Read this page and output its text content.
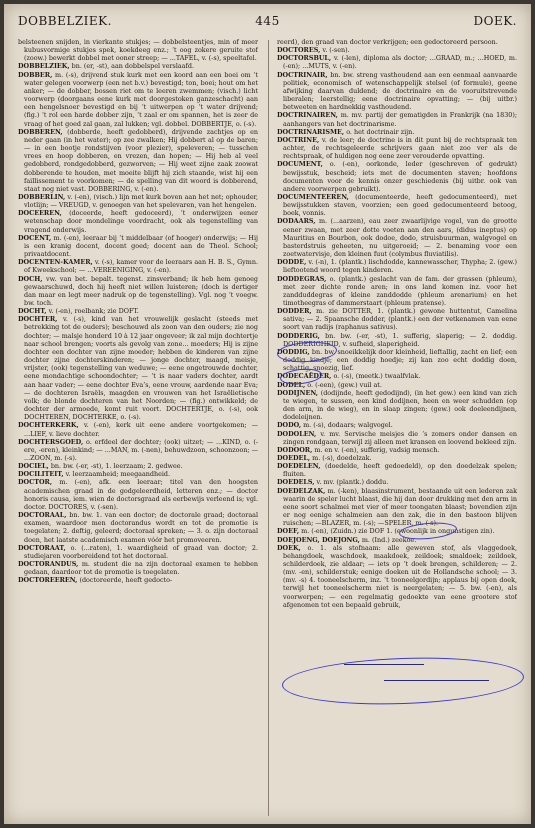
DOBBELZIEK.	445	DOEK.

belsteenen snijden, in vierkante stukjes; — dobbelsteentjes, min of meer kubusvormige stukjes spek, koekdeeg enz.; ‘t oog zokere geruite stof (zoow.) bewerkt dobbel met ooner streep; — ...TAFEL, v. (-s), speeltafel.

DOBBELZIEK, bn. (er, -st), aan dobbelspel verslaafd.

DOBBER, m. (-s), drijvend stuk kurk met een koord aan een boei om ‘t water gelegen voorwerp (een net b.v.) bevestigd; ton, boei; hout om het anker; — de dobber, bossen riet om te leeren zwemmen; (visch.) licht voorwerp (doorgaans eene kurk met doorgestoken ganzeschacht) aan een hengelsnoer bevestigd en bij ‘t uitwerpen op ‘t water drijvend; (fig.) ‘t rol een harde dobber zijn, ‘t zaal er om spannen, het is zeer de vraag of het goed zal gaan, zal lukken; vgl. dobbel. DOBBERTJE, o. (-s).

DOBBEREN, (dobberde, heeft gedobberd), drijvende zachtjes op en neder gaan (in het water); op zee zwalken; Hij dobbert al op de baren; — in een bootje rondstijven (voor plezier), speleveren; — tusschen vrees en hoop dobberen, en vrezen, dan hopen; — Hij heb al veel gedobberd, rondgedobberd, gezworven; — Hij weet zijne zaak zoowat dobberende te houden, met moeite blijft hij zich staande, wist hij een faillissement te voorkomen; — de spelling van dit woord is dobberend, staat nog niet vast. DOBBERING, v. (-en).

DOBBERLIN, v. (-en), (visch.) lijn met kurk boven aan het net; ophouder, vlotlijn; — VREUGD, v. genoegen van het spelevaren, van het hengelen.

DOCEEREN, (doceerde, heeft gedoceerd), ‘t onderwijzen eener wetenschap door mondelinge voordracht, ook als tegenstelling van vragend onderwijs.

DOCENT, m. (-en), leeraar bij ‘t middelbaar (of hooger) onderwijs; — Hij is een kranig docent, docent goed; docent aan de Theol. School; privaatdocent.

DOCENTEN-KAMER, v. (-s), kamer voor de leeraars aan H. B. S., Gymn. of Kweekschool; — ...VEREENIGING, v. (-en).

DOCH, vw. van bet. bepalt. tegenst. zinsverband; ik heb hem genoeg gewaarschuwd, doch hij heeft niet willen luisteren; (doch is dertiger dan maar en legt meer nadruk op de tegenstelling). Vgl. nog ‘t voegw. bw. toch.

DOCHT, v. (-en), roelbank; zie DOFT.

DOCHTER, v. (-s), kind van het vrouwelijk geslacht (steeds met betrekking tot de ouders); beschouwd als zoon van den ouders; zie nog dochter; — malsje honderd 10 à 12 jaar ongeveer; ik zal mijn dochtertje naar school brengen; voorts als gevolg van zone... moeders; Hij is zijne dochter een dochter van zijne moeder; hebben de kinderen van zijne dochter zijne dochterskinderen; — jonge dochter, maagd, meisje, vrijster, (ook) tegenstelling van weduwe; — eene ongetrouwde dochter, eene mondachtige schoondochter; — ‘t is naar vaders dochter, aardt aan haar vader; — eene dochter Eva’s, eene vrouw, aardende naar Eva; — de dochteren Israëls, maagden en vrouwen van het Israëlietische volk; de blonde dochteren van het Noorden; — (fig.) ontwikkeld; de dochter der armoede, komt ruit voort. DOCHTERTJE, o. (-s), ook DOCHTEREN, DOCHTERKE, o. (-s).

DOCHTERKERK, v. (-en), kerk uit eene andere voortgekomen; — ...LIEF, v. lieve dochter.

DOCHTERSGOED, o. erfdeel der dochter; (ook) uitzet; — ...KIND, o. (-ere, -eren), kleinkind; — ...MAN, m. (-nen), behuwdzoon, schoonzoon; — ...ZOON, m. (-s).

DOCIEL, bn. bw. (-er, -st), 1. leerzaam; 2. gedwee.

DOCILITEIT, v. leerzaamheid; meegaandheid.

DOCTOR, m. (-en), afk. een leeraar; titel van den hoogsten academischen graad in de godgeleerdheid, letteren enz.; — doctor honoris causa, iem. wien de doctorsgraad als eerbewijs verleend is; vgl. doctor. DOCTORES, v. (-sen).

DOCTORAAL, bn. bw. 1. van een doctor; de doctorale graad; doctoraal examen, waardoor men doctorandus wordt en tot de promotie is toegelaten; 2. deftig, geleerd; doctoraal spreken; — 3. o. zijn doctoraal doen, het laatste academisch examen vóór het promoveeren.

DOCTORAAT, o. (...raten), 1. waardigheid of graad van doctor; 2. studiejaren voorbereidend tot het doctoraal.

DOCTORANDUS, m. student die na zijn doctoraal examen te hebben gedaan, daardoor tot de promotie is toegelaten.

DOCTOREEREN, (doctoreerde, heeft gedocto-

reerd), den graad van doctor verkrijgen; een gedoctoreerd persoon.

DOCTORES, v. (-sen).

DOCTORSBUL, v. (-len), diploma als doctor; ...GRAAD, m.; ...HOED, m. (-en); ...MUTS, v. (-en).

DOCTRINAIR, bn. bw. streng vasthoudend aan een eenmaal aanvaarde politiek, economisch of wetenschappelijk stelsel (of formule), geene afwijking daarvan duldend; de doctrinaire en de vooruitstrevende liberalen; leerstellig; eene doctrinaire opvatting; — (bij uitbr.) betweeten en hardnekkig vasthoudend.

DOCTRINAIREN, m. mv. partij der gematigden in Frankrijk (na 1830); aanhangers van het doctrinarisme.

DOCTRINARISME, o. het doctrinair zijn.

DOCTRINE, v. de leer; de doctrine is in dit punt bij de rechtspraak ten achter, de rechtsgeleerde schrijvers gaan niet zoo ver als de rechtspraak, of huldigen nog eene zeer verouderde opvatting.

DOCUMENT, o. (-en), oorkonde, leder (geschreven of gedrukt) bewijsstuk, bescheid; iets met de documenten staven; hoofdons documenten voor de kennis onzer geschiedenis (bij uitbr. ook van andere voorwerpen gebruikt).

DOCUMENTEEREN, (documenteerde, heeft gedocumenteerd), met bewijsstukken staven, voorzien; een goed gedocumenteerd betoog, boek, vonnis.

DODAARS, m. (...aarzen), eau zeer zwaarlijvige vogel, van de grootte eener zwaan, met zeer dotte voeten aan den aars, (didus ineptus) op Mauritius en Bourbon, ook dodoe, dodo, struisbuurman, walgvogel en basterdstruis geheeten, nu uitgeroeid; — 2. benaming voor een zoetwatervisje, den kleinen fuut (colymbus fluviatilis).

DODDE, v. (-n), 1. (plantk.) lischdodde, kannewasscher, Thypha; 2. (gew.) lieftootend woord tegen kinderen.

DODDEGRAS, o. (plantk.) geslacht van de fam. der grassen (phleum), met zeer dichte ronde aren; in ons land komen inz. voor het zandduddegras of kleine zanddodde (phleum arenarium) en het timotheegras of dammerstaart (phleum pratense).

DODDER, m. zie DOTTER, 1. (plantk.) gewone huttentut, Camelina sativa; — 2. Spaansche dodder, (plantk.) een der vetkenamen van eene soort van radijs (raphanus sativus).

DODDERIG, bn. bw. (-er, -st), 1. sufferig, slaperig; — 2. doddig. DODDERIGHEID, v. sufheid, slaperigheid.

DODDIG, bn. bw. snoeikkelijk door kleinheid, lieftallig, zacht en lief; een doddig kindje; een doddig hoedje; zij kan zoo echt doddig doen, schattig, snoezig, lief.

DODECAËDER, o. (-s), (meetk.) twaalfvlak.

DODEL, o. (-een), (gew.) vuil at.

DODIJNEN, (dodijnde, heeft gedodijnd), (in het gew.) een kind van zich te wiegen, te sussen, een kind dodijnen, heen en weer schudden (op den arm, in de wieg), en in slaap zingen; (gew.) ook doeleendijnen, dodeleijnen.

DODO, m. (-s), dodaars; walgvogel.

DODOLEN, v. mv. Servische meisjes die ‘s zomers onder dansen en zingen rondgaan, terwijl zij alleen met kransen en loovend bekleed zijn.

DODOOR, m. en v. (-en), sufferig, vadsig mensch.

DOEDEL, m. (-s), doedelzak.

DOEDELEN, (doedelde, heeft gedoedeld), op den doedelzak spelen; fluiten.

DOEDELS, v. mv. (plantk.) doddu.

DOEDELZAK, m. (-ken), blaasinstrument, bestaande uit een lederen zak waarin de speler lucht blaast, die hij dan door drukking met den arm in eene soort schalmei met vier of meer toongaten blaast; bovendien zijn er nog eenige schalmeien aan den zak, die in den bastoon blijven ruischen; —BLAZER, m. (-s); —SPELER, m. (-s).

DOEF, m. (-en), (Zuidn.) zie DOF 1. (ewoonlijk in ongunstigen zin).

DOEJOENG, DOEJONG, m. (Ind.) zeekoe.

DOEK, o. 1. als stofnaam: alle geweven stof, als vlaggedoek, behangdoek, waschdoek, maakdoek, zeildoek; smaldoek; zeildoek, schilderdoek, zie aldaar; — iets op ‘t doek brengen, schilderen; — 2. (mv. -en), schilderstuk; eenige doeken uit de Hollandsche school; — 3. (mv. -s) 4. tooneelscherm, inz. ‘t tooneelgordijn; applaus bij open doek, terwijl het tooneelscherm niet is neergelaten; — 5. bw. (-en), als voorwerpen; — een regelmatig gedoekte van eene grootere stof afgenomen tot een bepaald gebruik,
